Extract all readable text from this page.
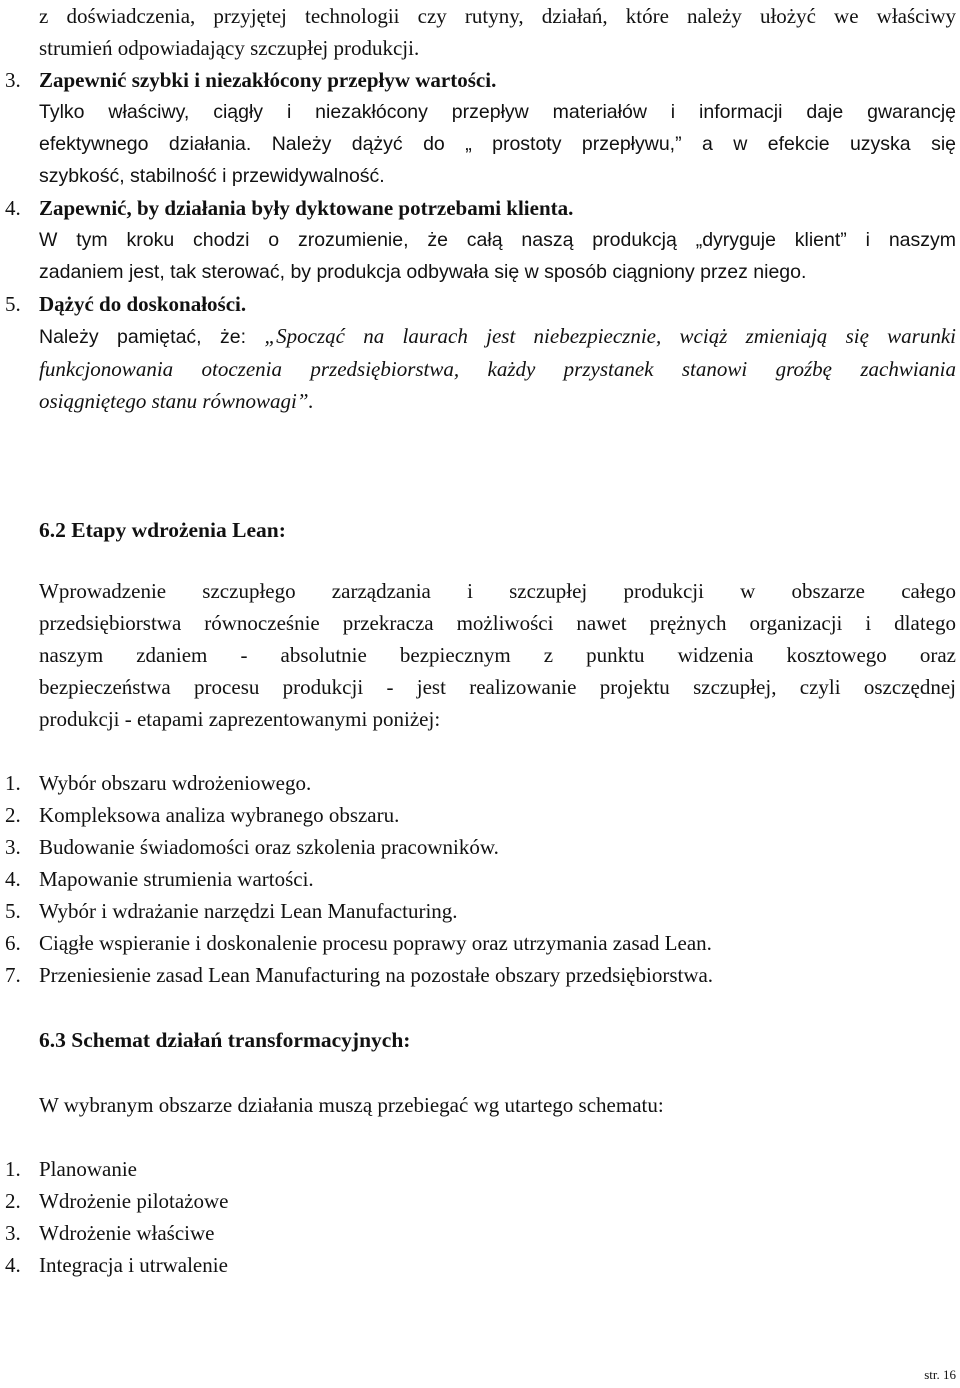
z doświadczenia, przyjętej technologii czy rutyny, działań, które należy ułożyć we właściwy
strumień odpowiadający szczupłej produkcji.
3. Zapewnić szybki i niezakłócony przepływ wartości.
Tylko właściwy, ciągły i niezakłócony przepływ materiałów i informacji daje gwarancję
efektywnego działania. Należy dążyć do „ prostoty przepływu,” a w efekcie uzyska się
szybkość, stabilność i przewidywalność.
4. Zapewnić, by działania były dyktowane potrzebami klienta.
W tym kroku chodzi o zrozumienie, że całą naszą produkcją „dyryguje klient” i naszym
zadaniem jest, tak sterować, by produkcja odbywała się w sposób ciągniony przez niego.
5. Dążyć do doskonałości.
Należy pamiętać, że: „Spocząć na laurach jest niebezpiecznie, wciąż zmieniają się warunki
funkcjonowania otoczenia przedsiębiorstwa, każdy przystanek stanowi groźbę zachwiania
osiągniętego stanu równowagi”.
6.2 Etapy wdrożenia Lean:
Wprowadzenie szczupłego zarządzania i szczupłej produkcji w obszarze całego
przedsiębiorstwa równocześnie przekracza możliwości nawet prężnych organizacji i dlatego
naszym zdaniem - absolutnie bezpiecznym z punktu widzenia kosztowego oraz
bezpieczeństwa procesu produkcji - jest realizowanie projektu szczupłej, czyli oszczędnej
produkcji - etapami zaprezentowanymi poniżej:
1. Wybór obszaru wdrożeniowego.
2. Kompleksowa analiza wybranego obszaru.
3. Budowanie świadomości oraz szkolenia pracowników.
4. Mapowanie strumienia wartości.
5. Wybór i wdrażanie narzędzi Lean Manufacturing.
6. Ciągłe wspieranie i doskonalenie procesu poprawy oraz utrzymania zasad Lean.
7. Przeniesienie zasad Lean Manufacturing na pozostałe obszary przedsiębiorstwa.
6.3 Schemat działań transformacyjnych:
W wybranym obszarze działania muszą przebiegać wg utartego schematu:
1. Planowanie
2. Wdrożenie pilotażowe
3. Wdrożenie właściwe
4. Integracja i utrwalenie
str. 16
